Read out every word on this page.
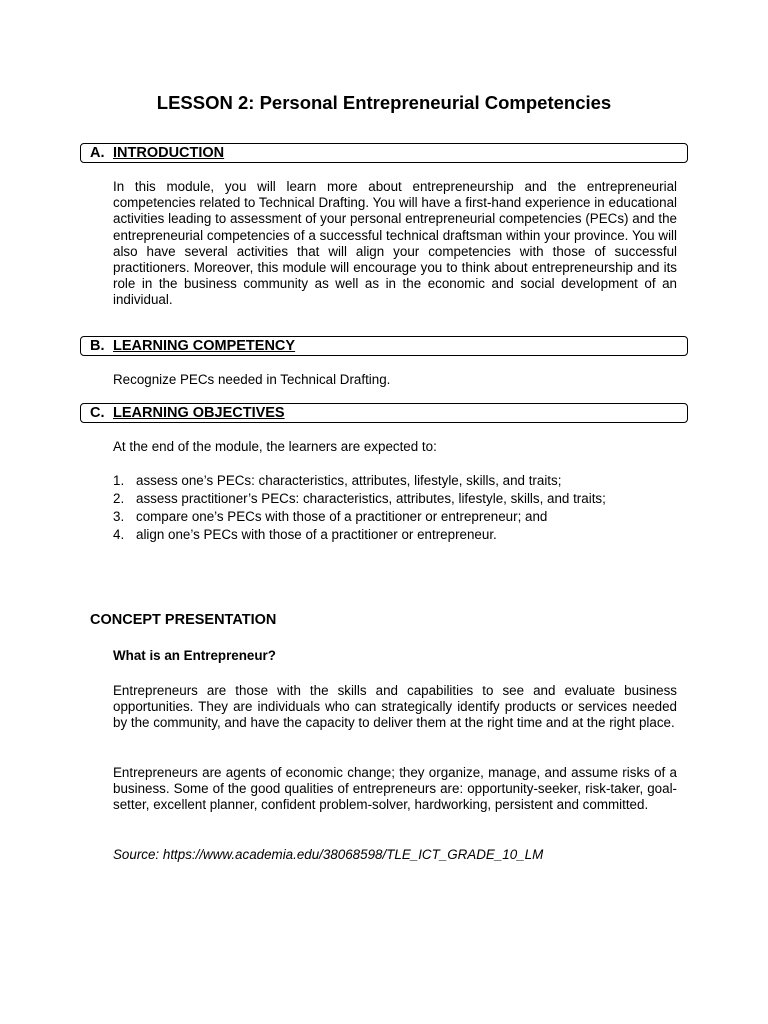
LESSON 2: Personal Entrepreneurial Competencies
A. INTRODUCTION

In this module, you will learn more about entrepreneurship and the entrepreneurial competencies related to Technical Drafting. You will have a first-hand experience in educational activities leading to assessment of your personal entrepreneurial competencies (PECs) and the entrepreneurial competencies of a successful technical draftsman within your province. You will also have several activities that will align your competencies with those of successful practitioners. Moreover, this module will encourage you to think about entrepreneurship and its role in the business community as well as in the economic and social development of an individual.

B. LEARNING COMPETENCY

Recognize PECs needed in Technical Drafting.

C. LEARNING OBJECTIVES

At the end of the module, the learners are expected to:

1. assess one’s PECs: characteristics, attributes, lifestyle, skills, and traits;
2. assess practitioner’s PECs: characteristics, attributes, lifestyle, skills, and traits;
3. compare one’s PECs with those of a practitioner or entrepreneur; and
4. align one’s PECs with those of a practitioner or entrepreneur.
CONCEPT PRESENTATION
What is an Entrepreneur?

Entrepreneurs are those with the skills and capabilities to see and evaluate business opportunities. They are individuals who can strategically identify products or services needed by the community, and have the capacity to deliver them at the right time and at the right place.

Entrepreneurs are agents of economic change; they organize, manage, and assume risks of a business. Some of the good qualities of entrepreneurs are: opportunity-seeker, risk-taker, goal-setter, excellent planner, confident problem-solver, hardworking, persistent and committed.

Source: https://www.academia.edu/38068598/TLE_ICT_GRADE_10_LM
